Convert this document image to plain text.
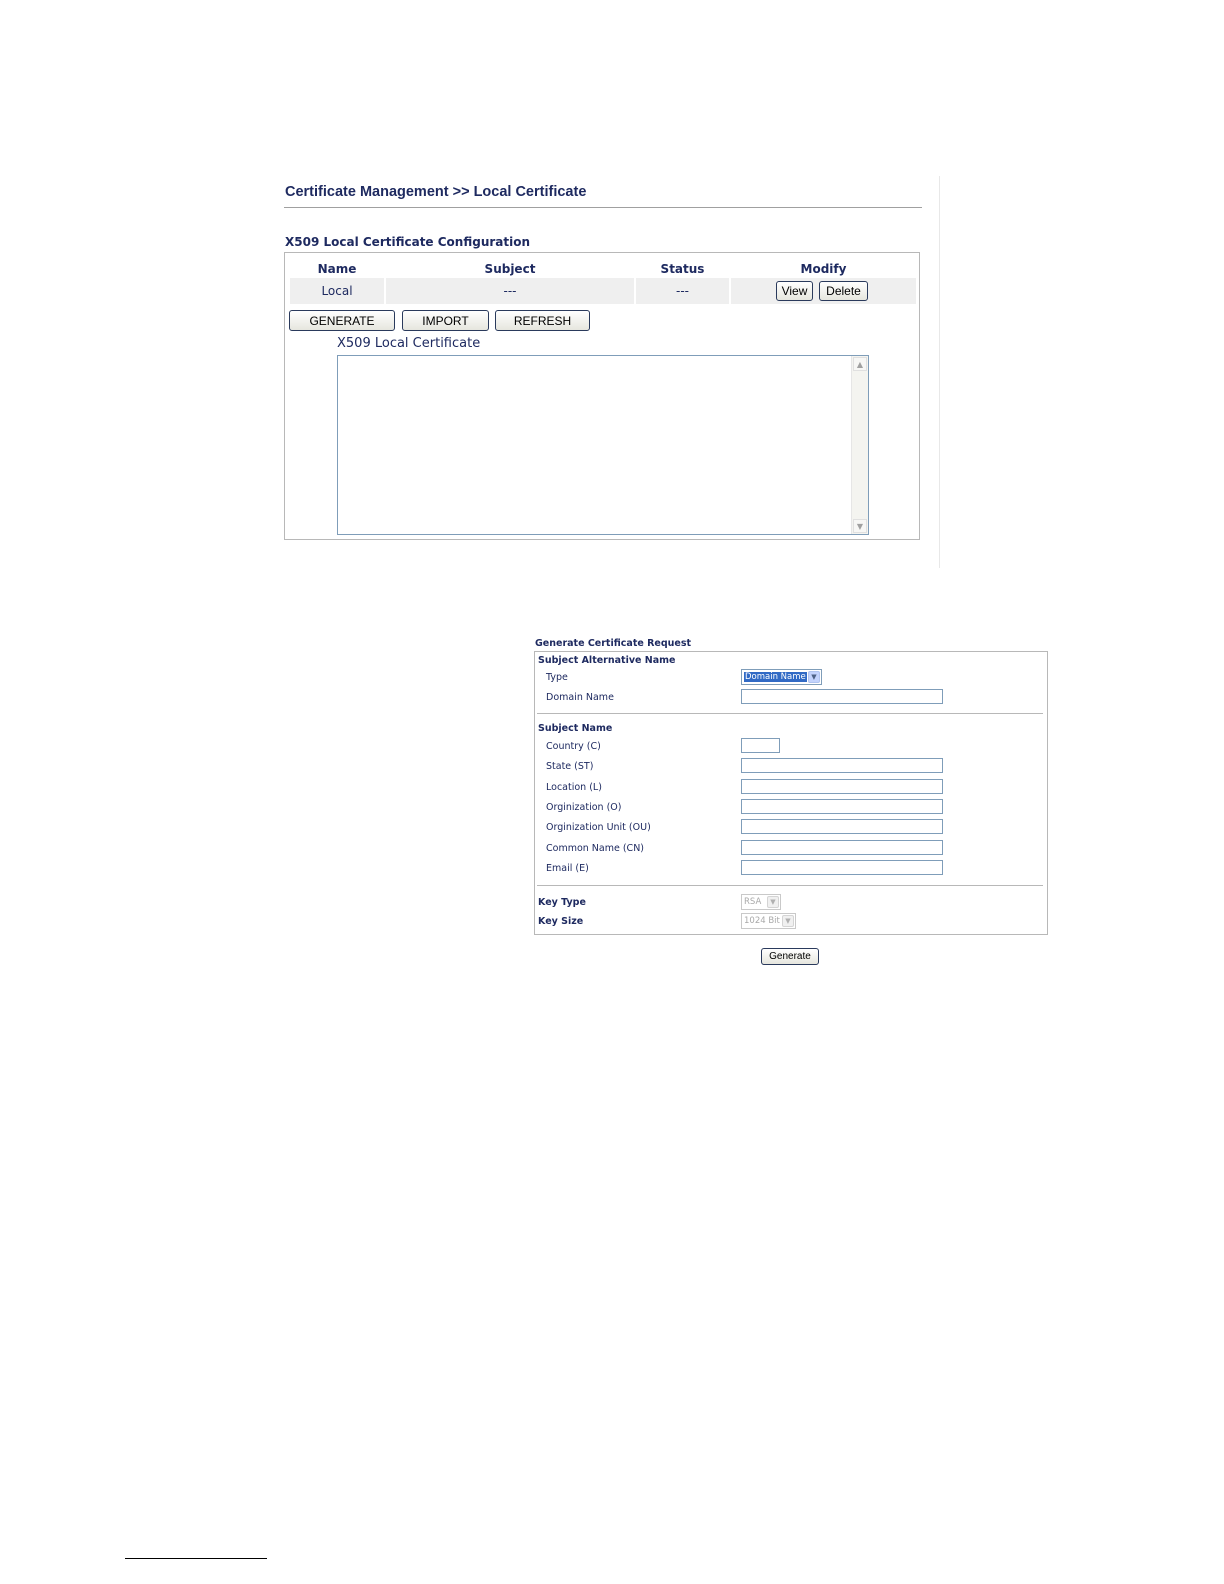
Certificate Management >> Local Certificate
X509 Local Certificate Configuration
Name	Subject	Status	Modify
Local	---	---	View	Delete
GENERATE	IMPORT	REFRESH
X509 Local Certificate
▲
▼
Generate Certificate Request
Subject Alternative Name
Type	Domain Name ▼
Domain Name
Subject Name
Country (C)
State (ST)
Location (L)
Orginization (O)
Orginization Unit (OU)
Common Name (CN)
Email (E)
Key Type	RSA	▼
Key Size	1024 Bit ▼
Generate
